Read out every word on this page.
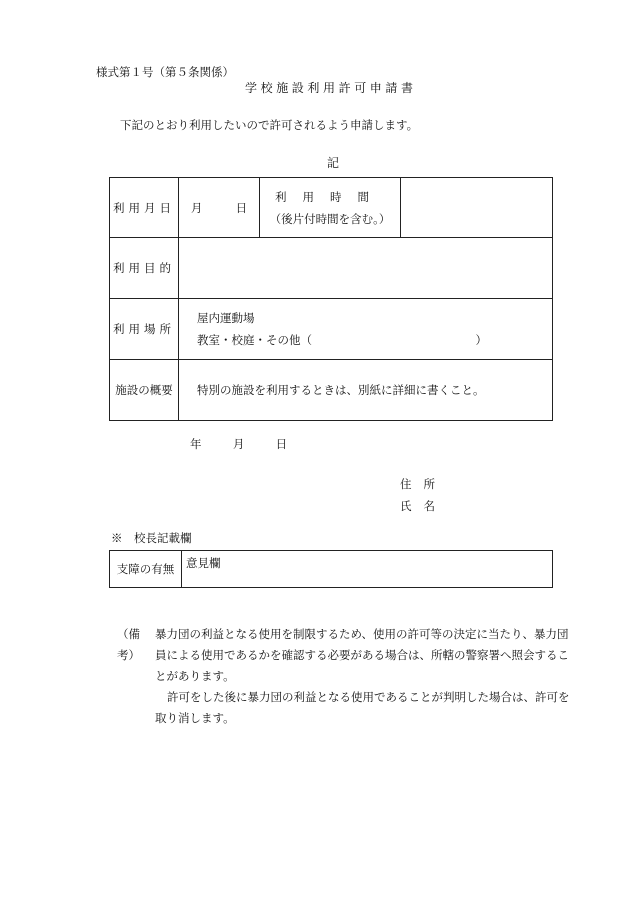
様式第１号（第５条関係）
学校施設利用許可申請書
下記のとおり利用したいので許可されるよう申請します。
記
利用月日	月 日	利用時間
（後片付時間を含む。）	

利用目的			
利用場所	屋内運動場
教室・校庭・その他（ ）		

施設の概要	特別の施設を利用するときは、別紙に詳細に書くこと。		
年	月	日
住所
氏名
※　校長記載欄
支障の有無	意見欄
（備考）

暴力団の利益となる使用を制限するため、使用の許可等の決定に当たり、暴力団員による使用であるかを確認する必要がある場合は、所轄の警察署へ照会することがあります。

許可をした後に暴力団の利益となる使用であることが判明した場合は、許可を取り消します。
